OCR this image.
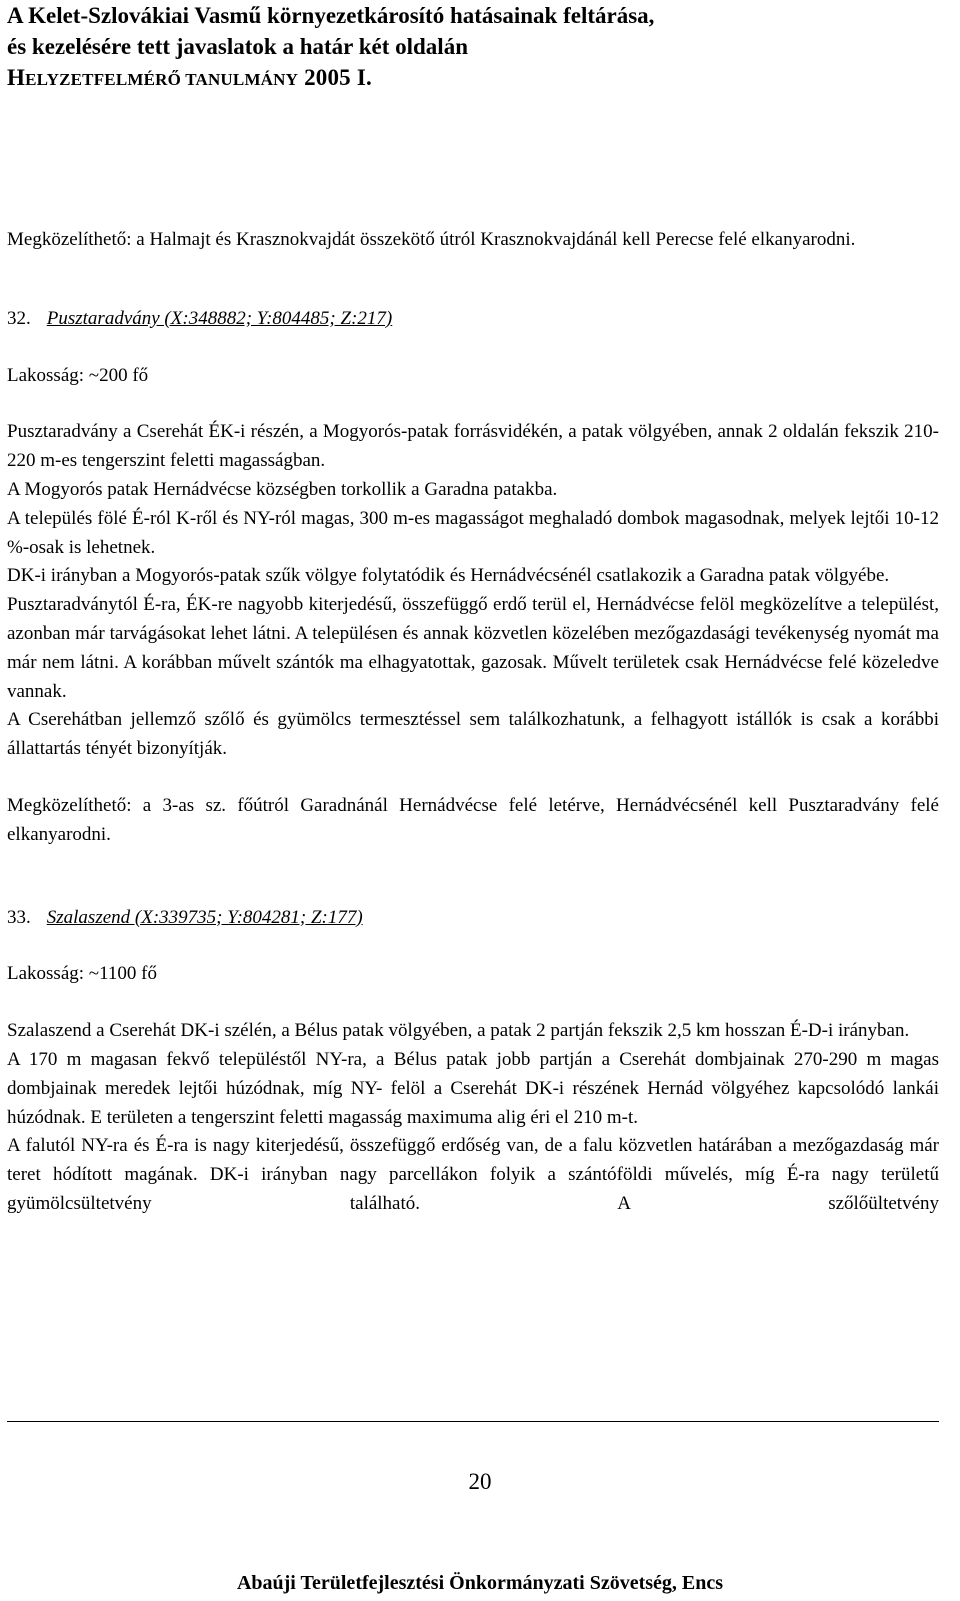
A Kelet-Szlovákiai Vasmű környezetkárosító hatásainak feltárása,
és kezelésére tett javaslatok a határ két oldalán
HELYZETFELMÉRŐ TANULMÁNY 2005 I.

Megközelíthető: a Halmajt és Krasznokvajdát összekötő útról Krasznokvajdánál kell Perecse felé elkanyarodni.

32. Pusztaradvány (X:348882; Y:804485; Z:217)

Lakosság: ~200 fő

Pusztaradvány a Cserehát ÉK-i részén, a Mogyorós-patak forrásvidékén, a patak völgyében, annak 2 oldalán fekszik 210-220 m-es tengerszint feletti magasságban.

A Mogyorós patak Hernádvécse községben torkollik a Garadna patakba.

A település fölé É-ról K-ről és NY-ról magas, 300 m-es magasságot meghaladó dombok magasodnak, melyek lejtői 10-12 %-osak is lehetnek.

DK-i irányban a Mogyorós-patak szűk völgye folytatódik és Hernádvécsénél csatlakozik a Garadna patak völgyébe.

Pusztaradványtól É-ra, ÉK-re nagyobb kiterjedésű, összefüggő erdő terül el, Hernádvécse felöl megközelítve a települést, azonban már tarvágásokat lehet látni. A településen és annak közvetlen közelében mezőgazdasági tevékenység nyomát ma már nem látni. A korábban művelt szántók ma elhagyatottak, gazosak. Művelt területek csak Hernádvécse felé közeledve vannak.

A Cserehátban jellemző szőlő és gyümölcs termesztéssel sem találkozhatunk, a felhagyott istállók is csak a korábbi állattartás tényét bizonyítják.

Megközelíthető: a 3-as sz. főútról Garadnánál Hernádvécse felé letérve, Hernádvécsénél kell Pusztaradvány felé elkanyarodni.

33. Szalaszend (X:339735; Y:804281; Z:177)

Lakosság: ~1100 fő

Szalaszend a Cserehát DK-i szélén, a Bélus patak völgyében, a patak 2 partján fekszik 2,5 km hosszan É-D-i irányban.

A 170 m magasan fekvő településtől NY-ra, a Bélus patak jobb partján a Cserehát dombjainak 270-290 m magas dombjainak meredek lejtői húzódnak, míg NY- felöl a Cserehát DK-i részének Hernád völgyéhez kapcsolódó lankái húzódnak. E területen a tengerszint feletti magasság maximuma alig éri el 210 m-t.

A falutól NY-ra és É-ra is nagy kiterjedésű, összefüggő erdőség van, de a falu közvetlen határában a mezőgazdaság már teret hódított magának. DK-i irányban nagy parcellákon folyik a szántóföldi művelés, míg É-ra nagy területű gyümölcsültetvény található. A szőlőültetvény

20
Abaúji Területfejlesztési Önkormányzati Szövetség, Encs
